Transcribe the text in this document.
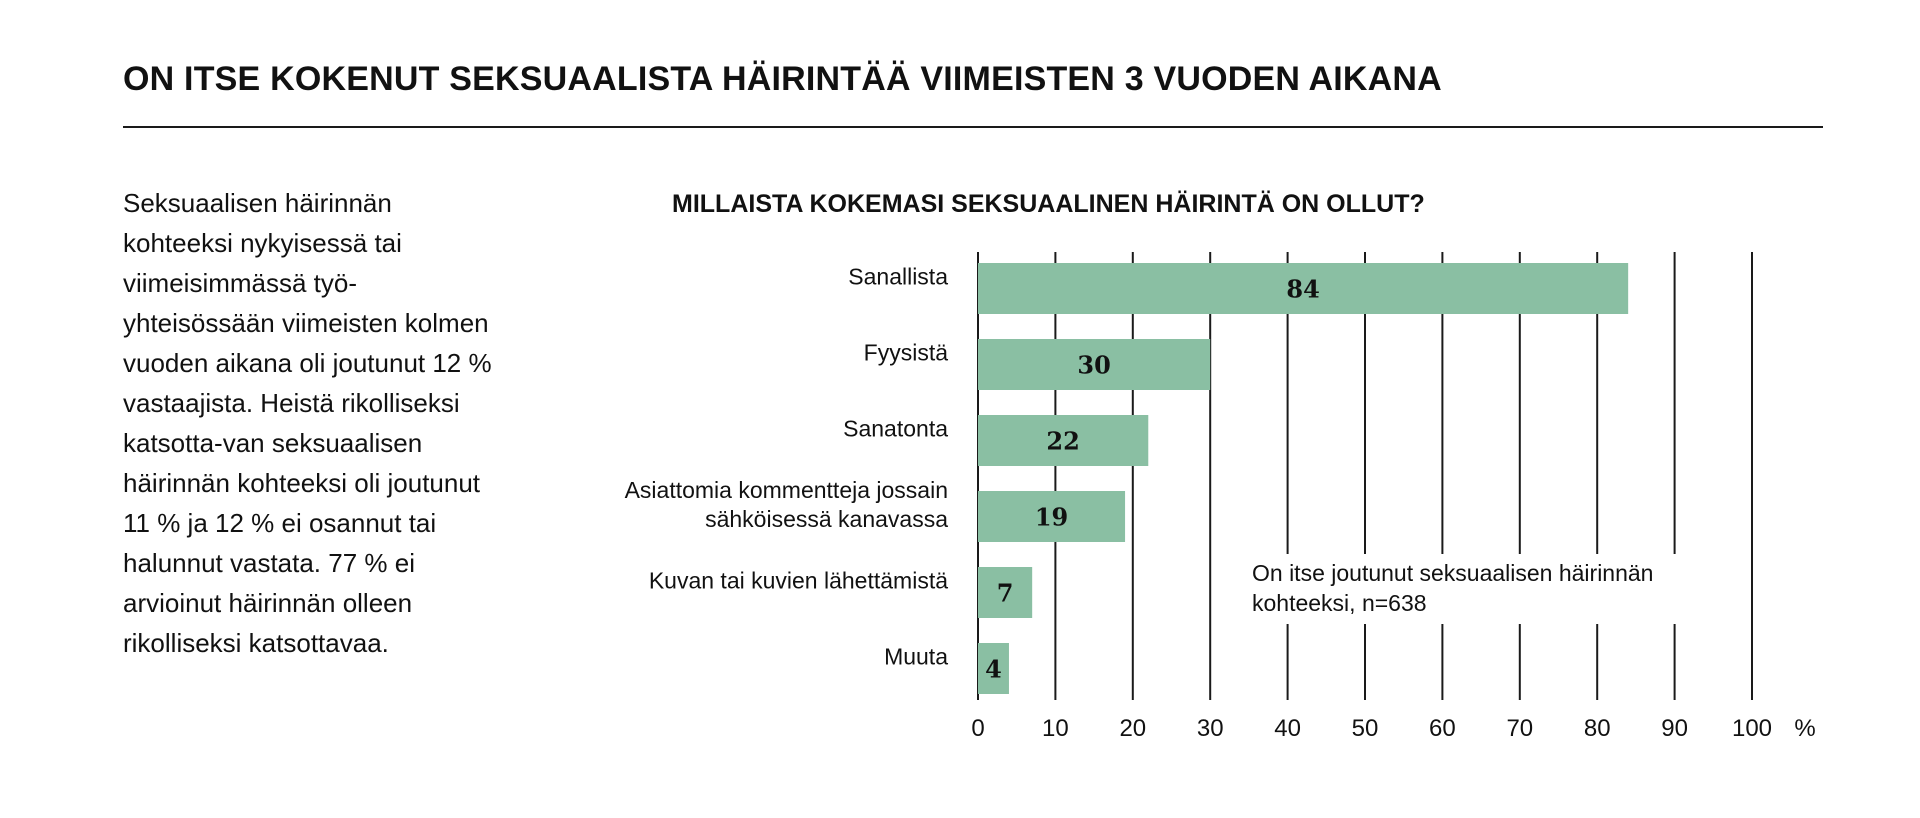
ON ITSE KOKENUT SEKSUAALISTA HÄIRINTÄÄ VIIMEISTEN 3 VUODEN AIKANA

Seksuaalisen häirinnän kohteeksi nykyisessä tai viimeisimmässä työ-yhteisössään viimeisten kolmen vuoden aikana oli joutunut 12 % vastaajista. Heistä rikolliseksi katsotta-van seksuaalisen häirinnän kohteeksi oli joutunut 11 % ja 12 % ei osannut tai halunnut vastata. 77 % ei arvioinut häirinnän olleen rikolliseksi katsottavaa.

MILLAISTA KOKEMASI SEKSUAALINEN HÄIRINTÄ ON OLLUT?
84
Sanallista
30
Fyysistä
22
Sanatonta
19
Asiattomia kommentteja jossain
sähköisessä kanavassa
7
Kuvan tai kuvien lähettämistä
4
Muuta
0 10 20 30 40 50 60 70 80 90 100 %
On itse joutunut seksuaalisen häirinnän kohteeksi, n=638
